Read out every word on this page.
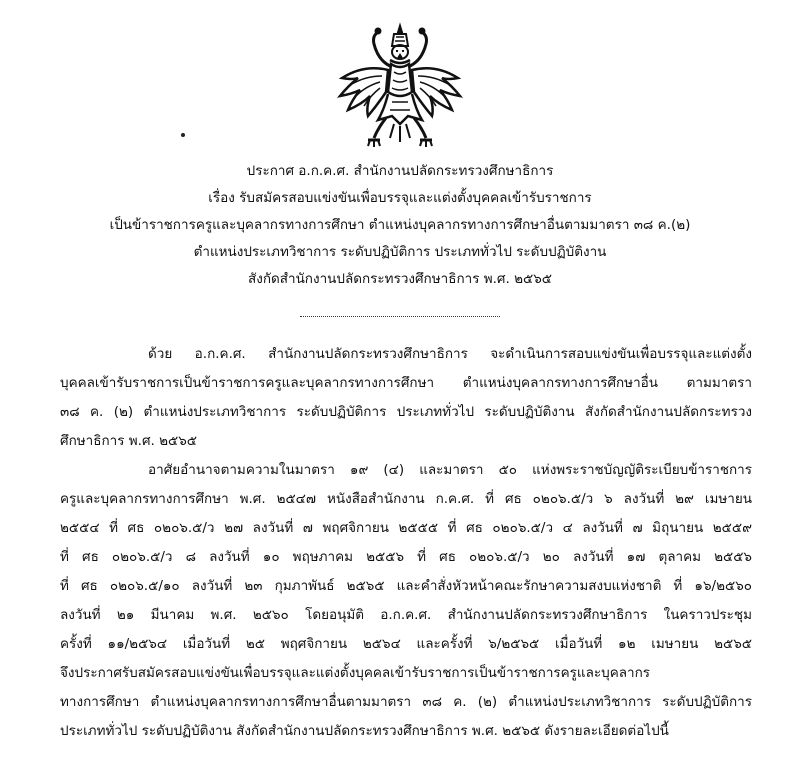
ประกาศ อ.ก.ค.ศ. สำนักงานปลัดกระทรวงศึกษาธิการ
เรื่อง รับสมัครสอบแข่งขันเพื่อบรรจุและแต่งตั้งบุคคลเข้ารับราชการ
เป็นข้าราชการครูและบุคลากรทางการศึกษา ตำแหน่งบุคลากรทางการศึกษาอื่นตามมาตรา ๓๘ ค.(๒)
ตำแหน่งประเภทวิชาการ ระดับปฏิบัติการ ประเภททั่วไป ระดับปฏิบัติงาน
สังกัดสำนักงานปลัดกระทรวงศึกษาธิการ พ.ศ. ๒๕๖๕
ด้วย อ.ก.ค.ศ. สำนักงานปลัดกระทรวงศึกษาธิการ จะดำเนินการสอบแข่งขันเพื่อบรรจุและแต่งตั้ง
บุคคลเข้ารับราชการเป็นข้าราชการครูและบุคลากรทางการศึกษา ตำแหน่งบุคลากรทางการศึกษาอื่น ตามมาตรา
๓๘ ค. (๒) ตำแหน่งประเภทวิชาการ ระดับปฏิบัติการ ประเภททั่วไป ระดับปฏิบัติงาน สังกัดสำนักงานปลัดกระทรวง
ศึกษาธิการ พ.ศ. ๒๕๖๕
อาศัยอำนาจตามความในมาตรา ๑๙ (๔) และมาตรา ๕๐ แห่งพระราชบัญญัติระเบียบข้าราชการ
ครูและบุคลากรทางการศึกษา พ.ศ. ๒๕๔๗ หนังสือสำนักงาน ก.ค.ศ. ที่ ศธ ๐๒๐๖.๕/ว ๖ ลงวันที่ ๒๙ เมษายน
๒๕๕๔ ที่ ศธ ๐๒๐๖.๕/ว ๒๗ ลงวันที่ ๗ พฤศจิกายน ๒๕๕๕ ที่ ศธ ๐๒๐๖.๕/ว ๔ ลงวันที่ ๗ มิถุนายน ๒๕๕๙
ที่ ศธ ๐๒๐๖.๕/ว ๘ ลงวันที่ ๑๐ พฤษภาคม ๒๕๕๖ ที่ ศธ ๐๒๐๖.๕/ว ๒๐ ลงวันที่ ๑๗ ตุลาคม ๒๕๕๖
ที่ ศธ ๐๒๐๖.๕/๑๐ ลงวันที่ ๒๓ กุมภาพันธ์ ๒๕๖๕ และคำสั่งหัวหน้าคณะรักษาความสงบแห่งชาติ ที่ ๑๖/๒๕๖๐
ลงวันที่ ๒๑ มีนาคม พ.ศ. ๒๕๖๐ โดยอนุมัติ อ.ก.ค.ศ. สำนักงานปลัดกระทรวงศึกษาธิการ ในคราวประชุม
ครั้งที่ ๑๑/๒๕๖๔ เมื่อวันที่ ๒๕ พฤศจิกายน ๒๕๖๔ และครั้งที่ ๖/๒๕๖๕ เมื่อวันที่ ๑๒ เมษายน ๒๕๖๕
จึงประกาศรับสมัครสอบแข่งขันเพื่อบรรจุและแต่งตั้งบุคคลเข้ารับราชการเป็นข้าราชการครูและบุคลากร
ทางการศึกษา ตำแหน่งบุคลากรทางการศึกษาอื่นตามมาตรา ๓๘ ค. (๒) ตำแหน่งประเภทวิชาการ ระดับปฏิบัติการ
ประเภททั่วไป ระดับปฏิบัติงาน สังกัดสำนักงานปลัดกระทรวงศึกษาธิการ พ.ศ. ๒๕๖๕ ดังรายละเอียดต่อไปนี้
